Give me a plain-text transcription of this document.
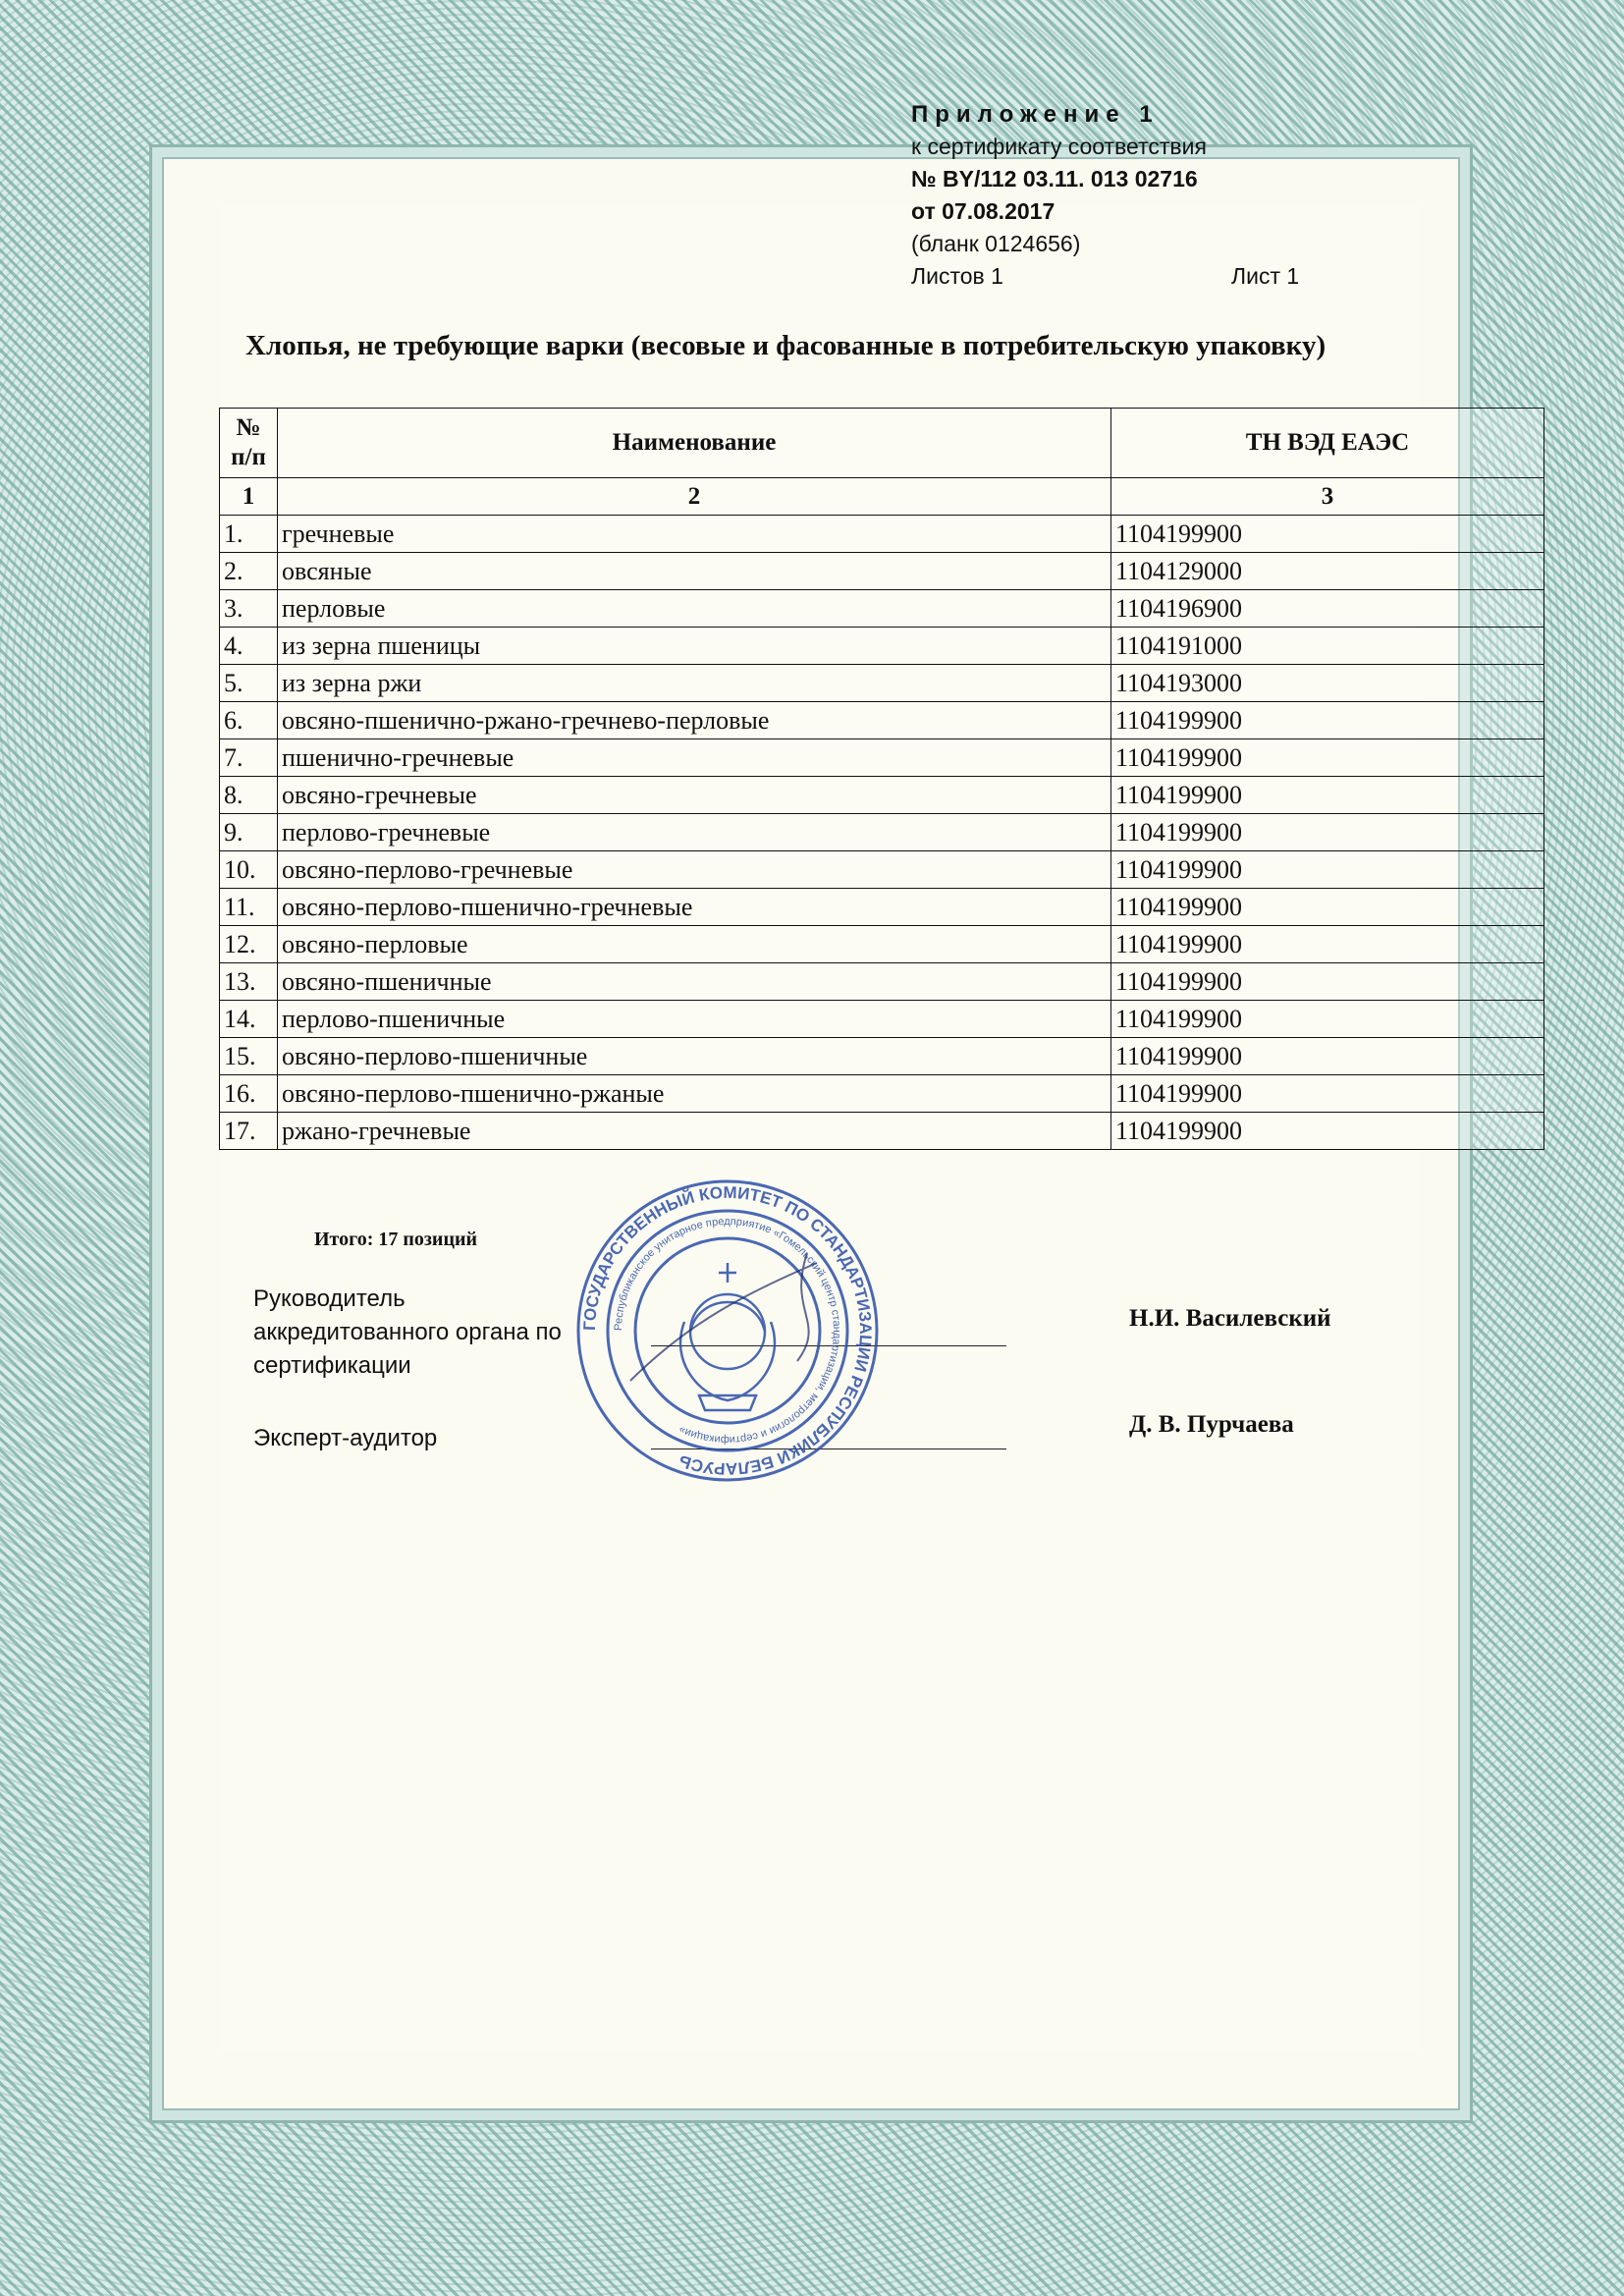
Приложение 1
к сертификату соответствия
№ BY/112 03.11. 013 02716
от 07.08.2017
(бланк 0124656)
Листов 1	Лист 1
Хлопья, не требующие варки (весовые и фасованные в потребительскую упаковку)
№ п/п	Наименование	ТН ВЭД ЕАЭС
1	2	3
1.	гречневые	1104199900
2.	овсяные	1104129000
3.	перловые	1104196900
4.	из зерна пшеницы	1104191000
5.	из зерна ржи	1104193000
6.	овсяно-пшенично-ржано-гречнево-перловые	1104199900
7.	пшенично-гречневые	1104199900
8.	овсяно-гречневые	1104199900
9.	перлово-гречневые	1104199900
10.	овсяно-перлово-гречневые	1104199900
11.	овсяно-перлово-пшенично-гречневые	1104199900
12.	овсяно-перловые	1104199900
13.	овсяно-пшеничные	1104199900
14.	перлово-пшеничные	1104199900
15.	овсяно-перлово-пшеничные	1104199900
16.	овсяно-перлово-пшенично-ржаные	1104199900
17.	ржано-гречневые	1104199900
Итого: 17 позиций
Руководитель
аккредитованного органа по
сертификации
Н.И. Василевский
Эксперт-аудитор
Д. В. Пурчаева
ГОСУДАРСТВЕННЫЙ КОМИТЕТ ПО СТАНДАРТИЗАЦИИ РЕСПУБЛИКИ БЕЛАРУСЬ
Республиканское унитарное предприятие «Гомельский центр стандартизации, метрологии и сертификации»
